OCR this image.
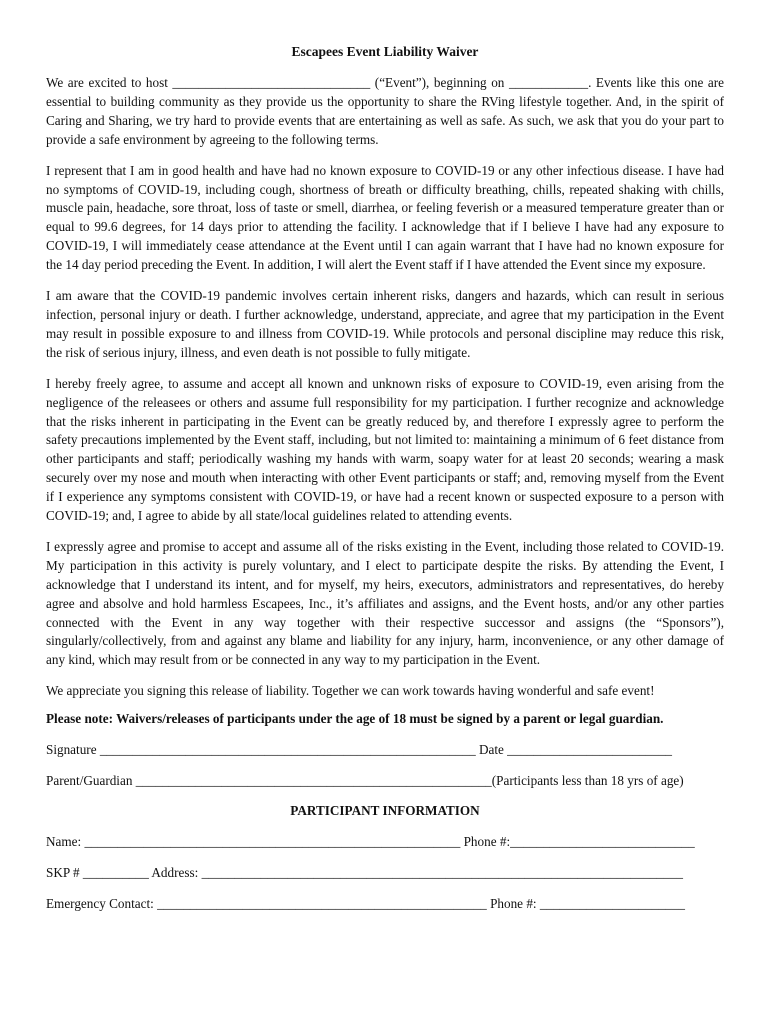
Escapees Event Liability Waiver

We are excited to host ______________________________ (“Event”), beginning on ____________. Events like this one are essential to building community as they provide us the opportunity to share the RVing lifestyle together. And, in the spirit of Caring and Sharing, we try hard to provide events that are entertaining as well as safe. As such, we ask that you do your part to provide a safe environment by agreeing to the following terms.

I represent that I am in good health and have had no known exposure to COVID-19 or any other infectious disease. I have had no symptoms of COVID-19, including cough, shortness of breath or difficulty breathing, chills, repeated shaking with chills, muscle pain, headache, sore throat, loss of taste or smell, diarrhea, or feeling feverish or a measured temperature greater than or equal to 99.6 degrees, for 14 days prior to attending the facility. I acknowledge that if I believe I have had any exposure to COVID-19, I will immediately cease attendance at the Event until I can again warrant that I have had no known exposure for the 14 day period preceding the Event. In addition, I will alert the Event staff if I have attended the Event since my exposure.

I am aware that the COVID-19 pandemic involves certain inherent risks, dangers and hazards, which can result in serious infection, personal injury or death. I further acknowledge, understand, appreciate, and agree that my participation in the Event may result in possible exposure to and illness from COVID-19. While protocols and personal discipline may reduce this risk, the risk of serious injury, illness, and even death is not possible to fully mitigate.

I hereby freely agree, to assume and accept all known and unknown risks of exposure to COVID-19, even arising from the negligence of the releasees or others and assume full responsibility for my participation. I further recognize and acknowledge that the risks inherent in participating in the Event can be greatly reduced by, and therefore I expressly agree to perform the safety precautions implemented by the Event staff, including, but not limited to: maintaining a minimum of 6 feet distance from other participants and staff; periodically washing my hands with warm, soapy water for at least 20 seconds; wearing a mask securely over my nose and mouth when interacting with other Event participants or staff; and, removing myself from the Event if I experience any symptoms consistent with COVID-19, or have had a recent known or suspected exposure to a person with COVID-19; and, I agree to abide by all state/local guidelines related to attending events.

I expressly agree and promise to accept and assume all of the risks existing in the Event, including those related to COVID-19. My participation in this activity is purely voluntary, and I elect to participate despite the risks. By attending the Event, I acknowledge that I understand its intent, and for myself, my heirs, executors, administrators and representatives, do hereby agree and absolve and hold harmless Escapees, Inc., it’s affiliates and assigns, and the Event hosts, and/or any other parties connected with the Event in any way together with their respective successor and assigns (the “Sponsors”), singularly/collectively, from and against any blame and liability for any injury, harm, inconvenience, or any other damage of any kind, which may result from or be connected in any way to my participation in the Event.

We appreciate you signing this release of liability. Together we can work towards having wonderful and safe event!

Please note: Waivers/releases of participants under the age of 18 must be signed by a parent or legal guardian.

Signature _________________________________________________________ Date _________________________
Parent/Guardian ______________________________________________________(Participants less than 18 yrs of age)
PARTICIPANT INFORMATION
Name: _________________________________________________________ Phone #:____________________________
SKP # __________ Address: _________________________________________________________________________
Emergency Contact: __________________________________________________ Phone #: ______________________
